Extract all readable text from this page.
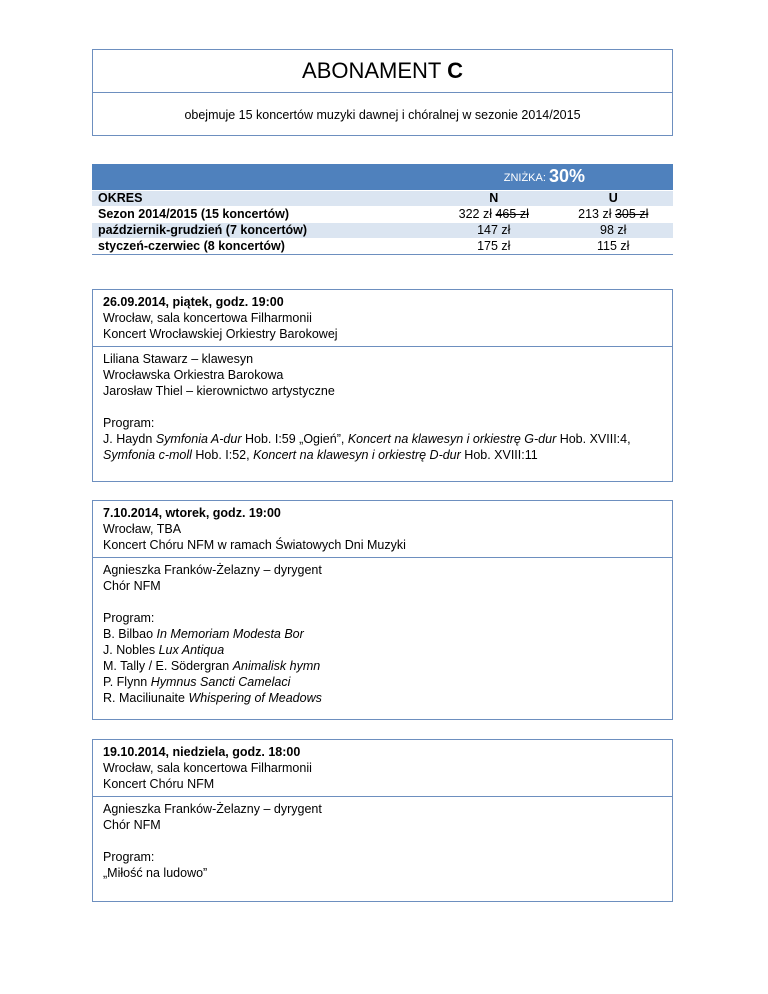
ABONAMENT C
obejmuje 15 koncertów muzyki dawnej i chóralnej w sezonie 2014/2015
ZNIŻKA: 30%		
OKRES	N	U
Sezon 2014/2015 (15 koncertów)	322 zł 465 zł	213 zł 305 zł
październik-grudzień (7 koncertów)	147 zł	98 zł
styczeń-czerwiec (8 koncertów)	175 zł	115 zł
26.09.2014, piątek, godz. 19:00
Wrocław, sala koncertowa Filharmonii
Koncert Wrocławskiej Orkiestry Barokowej
Liliana Stawarz – klawesyn
Wrocławska Orkiestra Barokowa
Jarosław Thiel – kierownictwo artystyczne
Program:
J. Haydn Symfonia A-dur Hob. I:59 „Ogień”, Koncert na klawesyn i orkiestrę G-dur Hob. XVIII:4,
Symfonia c-moll Hob. I:52, Koncert na klawesyn i orkiestrę D-dur Hob. XVIII:11
7.10.2014, wtorek, godz. 19:00
Wrocław, TBA
Koncert Chóru NFM w ramach Światowych Dni Muzyki
Agnieszka Franków-Żelazny – dyrygent
Chór NFM
Program:
B. Bilbao In Memoriam Modesta Bor
J. Nobles Lux Antiqua
M. Tally / E. Södergran Animalisk hymn
P. Flynn Hymnus Sancti Camelaci
R. Maciliunaite Whispering of Meadows
19.10.2014, niedziela, godz. 18:00
Wrocław, sala koncertowa Filharmonii
Koncert Chóru NFM
Agnieszka Franków-Żelazny – dyrygent
Chór NFM
Program:
„Miłość na ludowo”
